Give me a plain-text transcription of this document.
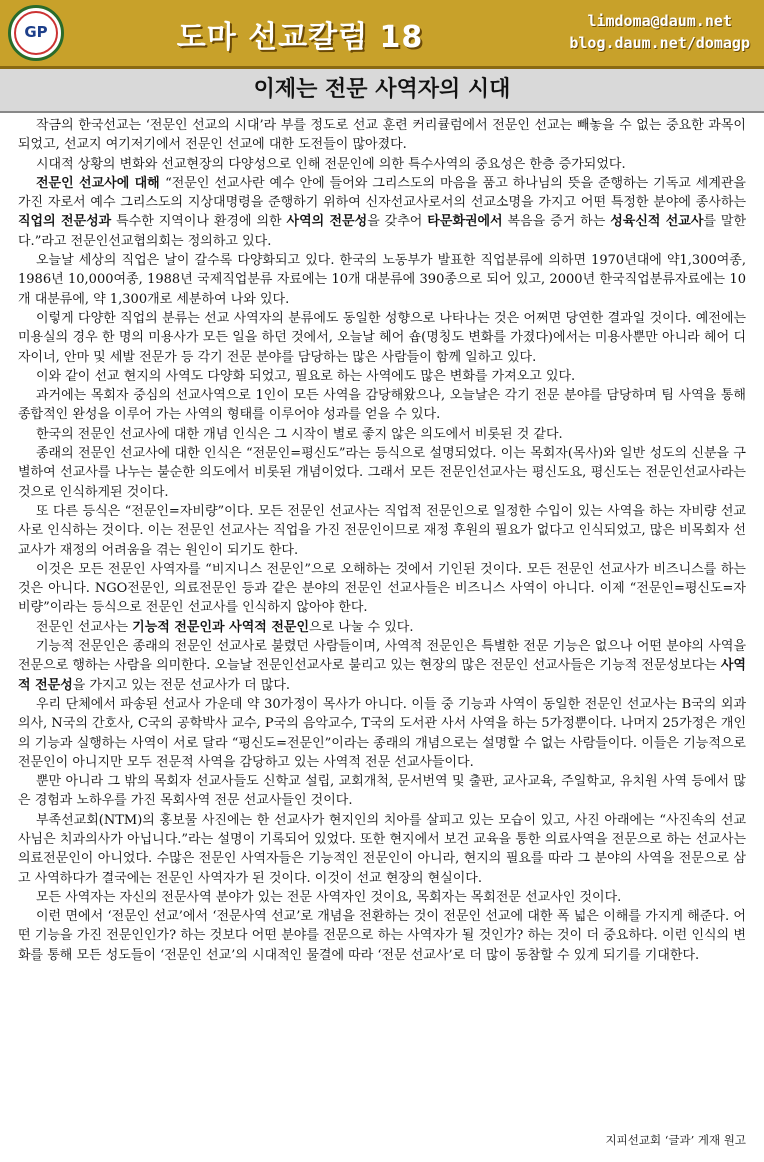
GP	도마 선교칼럼 18	limdoma@daum.net
blog.daum.net/domagp
이제는 전문 사역자의 시대

작금의 한국선교는 ‘전문인 선교의 시대’라 부를 정도로 선교 훈련 커리큘럼에서 전문인 선교는 빼놓을 수 없는 중요한 과목이 되었고, 선교지 여기저기에서 전문인 선교에 대한 도전들이 많아졌다.

시대적 상황의 변화와 선교현장의 다양성으로 인해 전문인에 의한 특수사역의 중요성은 한층 증가되었다.

전문인 선교사에 대해 “전문인 선교사란 예수 안에 들어와 그리스도의 마음을 품고 하나님의 뜻을 준행하는 기독교 세계관을 가진 자로서 예수 그리스도의 지상대명령을 준행하기 위하여 신자선교사로서의 선교소명을 가지고 어떤 특정한 분야에 종사하는 직업의 전문성과 특수한 지역이나 환경에 의한 사역의 전문성을 갖추어 타문화권에서 복음을 증거 하는 성육신적 선교사를 말한다.”라고 전문인선교협의회는 정의하고 있다.

오늘날 세상의 직업은 날이 갈수록 다양화되고 있다. 한국의 노동부가 발표한 직업분류에 의하면 1970년대에 약1,300여종, 1986년 10,000여종, 1988년 국제직업분류 자료에는 10개 대분류에 390종으로 되어 있고, 2000년 한국직업분류자료에는 10개 대분류에, 약 1,300개로 세분하여 나와 있다.

이렇게 다양한 직업의 분류는 선교 사역자의 분류에도 동일한 성향으로 나타나는 것은 어쩌면 당연한 결과일 것이다. 예전에는 미용실의 경우 한 명의 미용사가 모든 일을 하던 것에서, 오늘날 헤어 숍(명칭도 변화를 가졌다)에서는 미용사뿐만 아니라 헤어 디자이너, 안마 및 세발 전문가 등 각기 전문 분야를 담당하는 많은 사람들이 함께 일하고 있다.

이와 같이 선교 현지의 사역도 다양화 되었고, 필요로 하는 사역에도 많은 변화를 가져오고 있다.

과거에는 목회자 중심의 선교사역으로 1인이 모든 사역을 감당해왔으나, 오늘날은 각기 전문 분야를 담당하며 팀 사역을 통해 종합적인 완성을 이루어 가는 사역의 형태를 이루어야 성과를 얻을 수 있다.

한국의 전문인 선교사에 대한 개념 인식은 그 시작이 별로 좋지 않은 의도에서 비롯된 것 같다.

종래의 전문인 선교사에 대한 인식은 “전문인=평신도”라는 등식으로 설명되었다. 이는 목회자(목사)와 일반 성도의 신분을 구별하여 선교사를 나누는 불순한 의도에서 비롯된 개념이었다. 그래서 모든 전문인선교사는 평신도요, 평신도는 전문인선교사라는 것으로 인식하게된 것이다.

또 다른 등식은 “전문인=자비량”이다. 모든 전문인 선교사는 직업적 전문인으로 일정한 수입이 있는 사역을 하는 자비량 선교사로 인식하는 것이다. 이는 전문인 선교사는 직업을 가진 전문인이므로 재정 후원의 필요가 없다고 인식되었고, 많은 비목회자 선교사가 재정의 어려움을 겪는 원인이 되기도 한다.

이것은 모든 전문인 사역자를 “비지니스 전문인”으로 오해하는 것에서 기인된 것이다. 모든 전문인 선교사가 비즈니스를 하는 것은 아니다. NGO전문인, 의료전문인 등과 같은 분야의 전문인 선교사들은 비즈니스 사역이 아니다. 이제 “전문인=평신도=자비량”이라는 등식으로 전문인 선교사를 인식하지 않아야 한다.

전문인 선교사는 기능적 전문인과 사역적 전문인으로 나눌 수 있다.

기능적 전문인은 종래의 전문인 선교사로 불렸던 사람들이며, 사역적 전문인은 특별한 전문 기능은 없으나 어떤 분야의 사역을 전문으로 행하는 사람을 의미한다. 오늘날 전문인선교사로 불리고 있는 현장의 많은 전문인 선교사들은 기능적 전문성보다는 사역적 전문성을 가지고 있는 전문 선교사가 더 많다.

우리 단체에서 파송된 선교사 가운데 약 30가정이 목사가 아니다. 이들 중 기능과 사역이 동일한 전문인 선교사는 B국의 외과의사, N국의 간호사, C국의 공학박사 교수, P국의 음악교수, T국의 도서관 사서 사역을 하는 5가정뿐이다. 나머지 25가정은 개인의 기능과 실행하는 사역이 서로 달라 “평신도=전문인”이라는 종래의 개념으로는 설명할 수 없는 사람들이다. 이들은 기능적으로 전문인이 아니지만 모두 전문적 사역을 감당하고 있는 사역적 전문 선교사들이다.

뿐만 아니라 그 밖의 목회자 선교사들도 신학교 설립, 교회개척, 문서번역 및 출판, 교사교육, 주일학교, 유치원 사역 등에서 많은 경험과 노하우를 가진 목회사역 전문 선교사들인 것이다.

부족선교회(NTM)의 홍보물 사진에는 한 선교사가 현지인의 치아를 살피고 있는 모습이 있고, 사진 아래에는 “사진속의 선교사님은 치과의사가 아닙니다.”라는 설명이 기록되어 있었다. 또한 현지에서 보건 교육을 통한 의료사역을 전문으로 하는 선교사는 의료전문인이 아니었다. 수많은 전문인 사역자들은 기능적인 전문인이 아니라, 현지의 필요를 따라 그 분야의 사역을 전문으로 삼고 사역하다가 결국에는 전문인 사역자가 된 것이다. 이것이 선교 현장의 현실이다.

모든 사역자는 자신의 전문사역 분야가 있는 전문 사역자인 것이요, 목회자는 목회전문 선교사인 것이다.

이런 면에서 ‘전문인 선교’에서 ‘전문사역 선교’로 개념을 전환하는 것이 전문인 선교에 대한 폭 넓은 이해를 가지게 해준다. 어떤 기능을 가진 전문인인가? 하는 것보다 어떤 분야를 전문으로 하는 사역자가 될 것인가? 하는 것이 더 중요하다. 이런 인식의 변화를 통해 모든 성도들이 ‘전문인 선교’의 시대적인 물결에 따라 ‘전문 선교사’로 더 많이 동참할 수 있게 되기를 기대한다.

지피선교회 ‘글과’ 게재 원고
